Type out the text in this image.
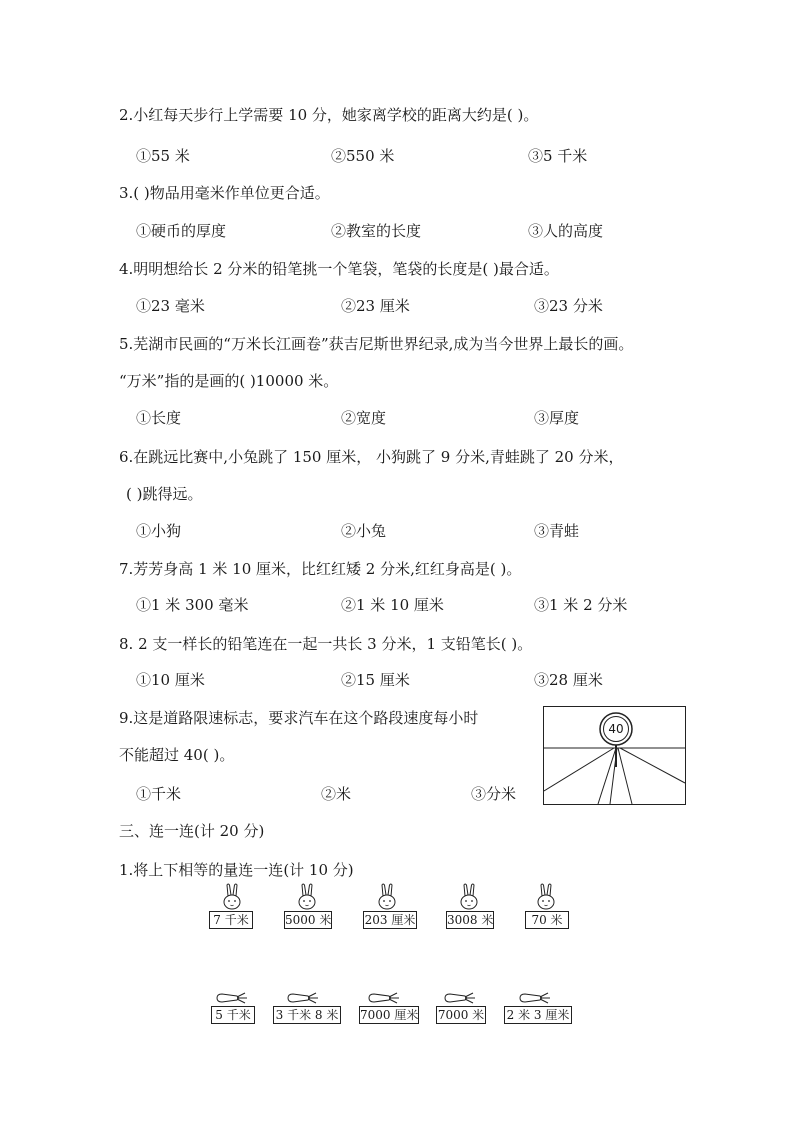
2.小红每天步行上学需要 10 分，她家离学校的距离大约是( )。
①55 米	②550 米	③5 千米
3.( )物品用毫米作单位更合适。
①硬币的厚度	②教室的长度	③人的高度
4.明明想给长 2 分米的铅笔挑一个笔袋，笔袋的长度是( )最合适。
①23 毫米	②23 厘米	③23 分米
5.芜湖市民画的“万米长江画卷”获吉尼斯世界纪录,成为当今世界上最长的画。
“万米”指的是画的( )10000 米。
①长度	②宽度	③厚度
6.在跳远比赛中,小兔跳了 150 厘米， 小狗跳了 9 分米,青蛙跳了 20 分米，
( )跳得远。
①小狗	②小兔	③青蛙
7.芳芳身高 1 米 10 厘米，比红红矮 2 分米,红红身高是( )。
①1 米 300 毫米	②1 米 10 厘米	③1 米 2 分米
8. 2 支一样长的铅笔连在一起一共长 3 分米，1 支铅笔长( )。
①10 厘米	②15 厘米	③28 厘米
9.这是道路限速标志，要求汽车在这个路段速度每小时
不能超过 40( )。
①千米	②米	③分米
40
三、连一连(计 20 分)
1.将上下相等的量连一连(计 10 分)
7 千米	5000 米	203 厘米	3008 米	70 米
5 千米	3 千米 8 米 7000 厘米 7000 米 2 米 3 厘米
